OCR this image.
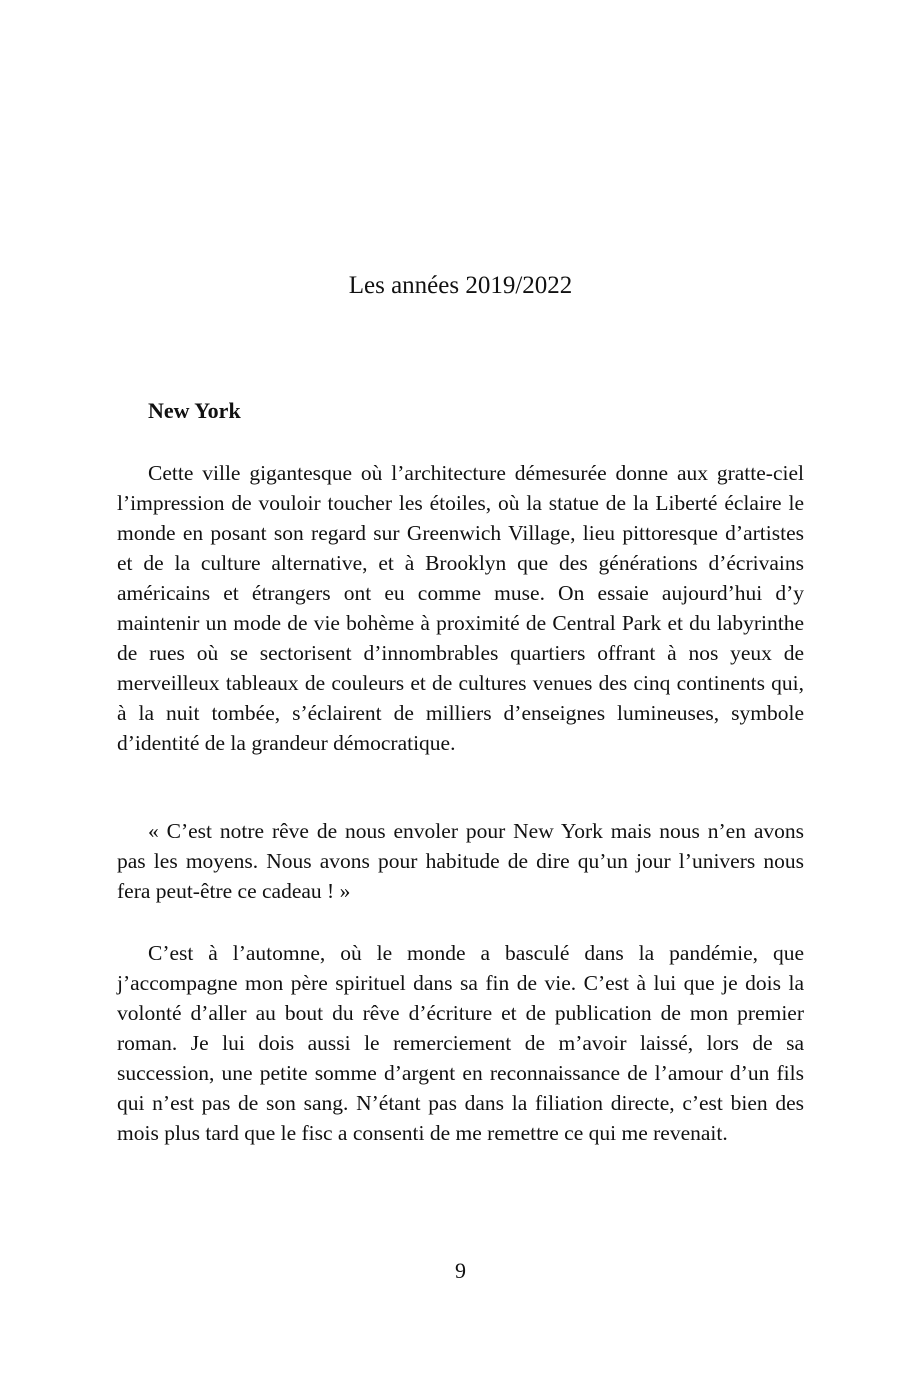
Les années 2019/2022
New York

Cette ville gigantesque où l’architecture démesurée donne aux gratte-ciel l’impression de vouloir toucher les étoiles, où la statue de la Liberté éclaire le monde en posant son regard sur Greenwich Village, lieu pittoresque d’artistes et de la culture alternative, et à Brooklyn que des générations d’écrivains américains et étrangers ont eu comme muse. On essaie aujourd’hui d’y maintenir un mode de vie bohème à proximité de Central Park et du labyrinthe de rues où se sectorisent d’innombrables quartiers offrant à nos yeux de merveilleux tableaux de couleurs et de cultures venues des cinq continents qui, à la nuit tombée, s’éclairent de milliers d’enseignes lumineuses, symbole d’identité de la grandeur démocratique.

« C’est notre rêve de nous envoler pour New York mais nous n’en avons pas les moyens. Nous avons pour habitude de dire qu’un jour l’univers nous fera peut-être ce cadeau ! »

C’est à l’automne, où le monde a basculé dans la pandémie, que j’accompagne mon père spirituel dans sa fin de vie. C’est à lui que je dois la volonté d’aller au bout du rêve d’écriture et de publication de mon premier roman. Je lui dois aussi le remerciement de m’avoir laissé, lors de sa succession, une petite somme d’argent en reconnaissance de l’amour d’un fils qui n’est pas de son sang. N’étant pas dans la filiation directe, c’est bien des mois plus tard que le fisc a consenti de me remettre ce qui me revenait.

9
